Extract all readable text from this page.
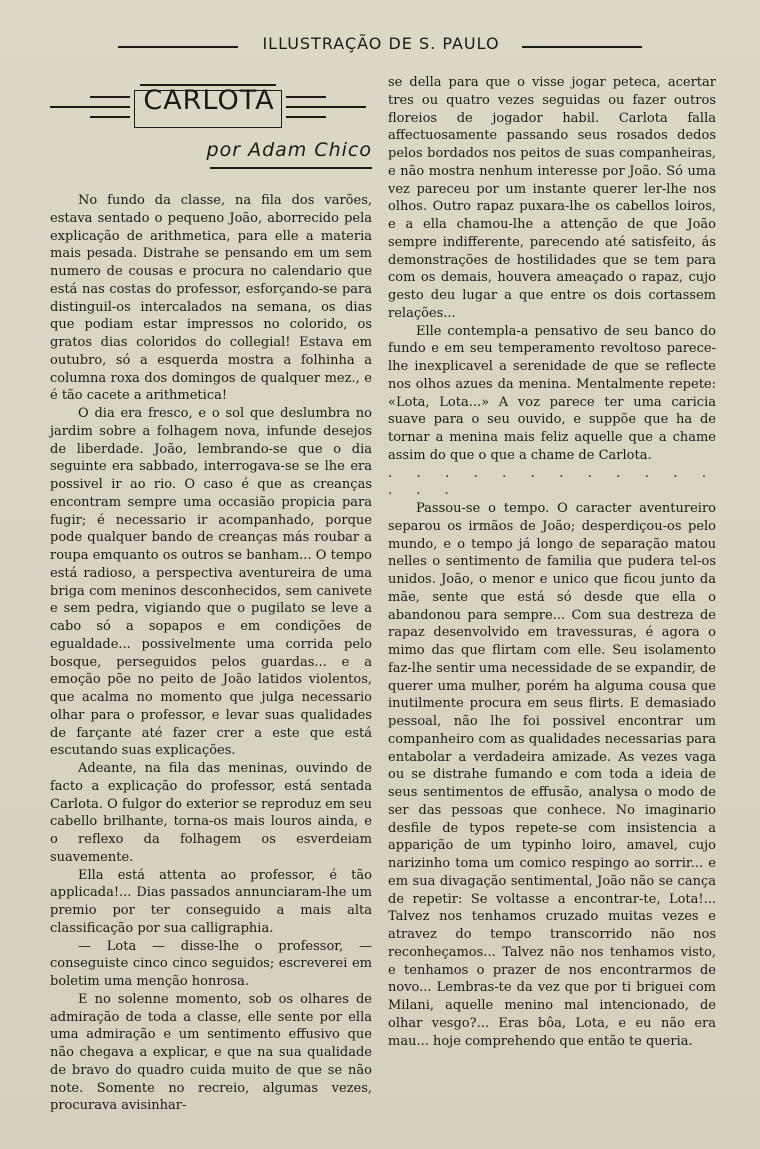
ILLUSTRAÇÃO DE S. PAULO
CARLOTA
por Adam Chico

No fundo da classe, na fila dos varões, estava sentado o pequeno João, aborrecido pela explicação de arithmetica, para elle a materia mais pesada. Distrahe se pensando em um sem numero de cousas e procura no calendario que está nas costas do professor, esforçando-se para distinguil-os intercalados na semana, os dias que podiam estar impressos no colorido, os gratos dias coloridos do collegial! Estava em outubro, só a esquerda mostra a folhinha a columna roxa dos domingos de qualquer mez., e é tão cacete a arithmetica!

O dia era fresco, e o sol que deslumbra no jardim sobre a folhagem nova, infunde desejos de liberdade. João, lembrando-se que o dia seguinte era sabbado, interrogava-se se lhe era possivel ir ao rio. O caso é que as creanças encontram sempre uma occasião propicia para fugir; é necessario ir acompanhado, porque pode qualquer bando de creanças más roubar a roupa emquanto os outros se banham... O tempo está radioso, a perspectiva aventureira de uma briga com meninos desconhecidos, sem canivete e sem pedra, vigiando que o pugilato se leve a cabo só a sopapos e em condições de egualdade... possivelmente uma corrida pelo bosque, perseguidos pelos guardas... e a emoção põe no peito de João latidos violentos, que acalma no momento que julga necessario olhar para o professor, e levar suas qualidades de farçante até fazer crer a este que está escutando suas explicações.

Adeante, na fila das meninas, ouvindo de facto a explicação do professor, está sentada Carlota. O fulgor do exterior se reproduz em seu cabello brilhante, torna-os mais louros ainda, e o reflexo da folhagem os esverdeiam suavemente.

Ella está attenta ao professor, é tão applicada!... Dias passados annunciaram-lhe um premio por ter conseguido a mais alta classificação por sua calligraphia.

— Lota — disse-lhe o professor, — conseguiste cinco cinco seguidos; escreverei em boletim uma menção honrosa.

E no solenne momento, sob os olhares de admiração de toda a classe, elle sente por ella uma admiração e um sentimento effusivo que não chegava a explicar, e que na sua qualidade de bravo do quadro cuida muito de que se não note. Somente no recreio, algumas vezes, procurava avisinhar-

se della para que o visse jogar peteca, acertar tres ou quatro vezes seguidas ou fazer outros floreios de jogador habil. Carlota falla affectuosamente passando seus rosados dedos pelos bordados nos peitos de suas companheiras, e não mostra nenhum interesse por João. Só uma vez pareceu por um instante querer ler-lhe nos olhos. Outro rapaz puxara-lhe os cabellos loiros, e a ella chamou-lhe a attenção de que João sempre indifferente, parecendo até satisfeito, ás demonstrações de hostilidades que se tem para com os demais, houvera ameaçado o rapaz, cujo gesto deu lugar a que entre os dois cortassem relações...

Elle contempla-a pensativo de seu banco do fundo e em seu temperamento revoltoso parece-lhe inexplicavel a serenidade de que se reflecte nos olhos azues da menina. Mentalmente repete: «Lota, Lota...» A voz parece ter uma caricia suave para o seu ouvido, e suppõe que ha de tornar a menina mais feliz aquelle que a chame assim do que o que a chame de Carlota.

. . . . . . . . . . . . . . .

Passou-se o tempo. O caracter aventureiro separou os irmãos de João; desperdiçou-os pelo mundo, e o tempo já longo de separação matou nelles o sentimento de familia que pudera tel-os unidos. João, o menor e unico que ficou junto da mãe, sente que está só desde que ella o abandonou para sempre... Com sua destreza de rapaz desenvolvido em travessuras, é agora o mimo das que flirtam com elle. Seu isolamento faz-lhe sentir uma necessidade de se expandir, de querer uma mulher, porém ha alguma cousa que inutilmente procura em seus flirts. E demasiado pessoal, não lhe foi possivel encontrar um companheiro com as qualidades necessarias para entabolar a verdadeira amizade. As vezes vaga ou se distrahe fumando e com toda a ideia de seus sentimentos de effusão, analysa o modo de ser das pessoas que conhece. No imaginario desfile de typos repete-se com insistencia a apparição de um typinho loiro, amavel, cujo narizinho toma um comico respingo ao sorrir... e em sua divagação sentimental, João não se cança de repetir: Se voltasse a encontrar-te, Lota!... Talvez nos tenhamos cruzado muitas vezes e atravez do tempo transcorrido não nos reconheçamos... Talvez não nos tenhamos visto, e tenhamos o prazer de nos encontrarmos de novo... Lembras-te da vez que por ti briguei com Milani, aquelle menino mal intencionado, de olhar vesgo?... Eras bôa, Lota, e eu não era mau... hoje comprehendo que então te queria.
